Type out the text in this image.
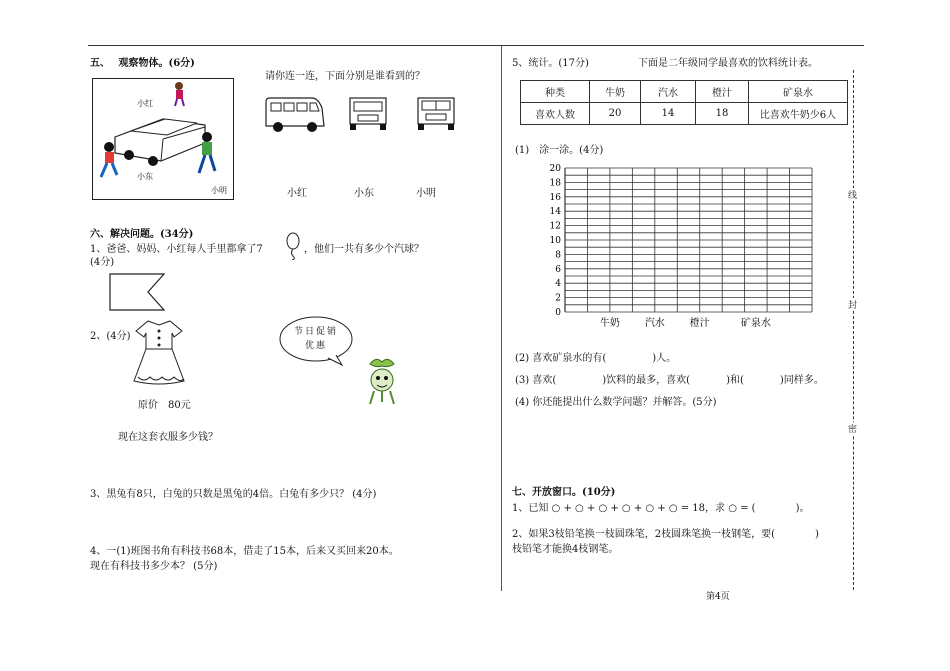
线
封
密
五、　 观察物体。(6分)
小红
小东
小明
请你连一连，下面分别是谁看到的？
小红	小东	小明
六、解决问题。(34分)
1、爸爸、妈妈、小红每人手里都拿了7	，他们一共有多少个汽球？
(4分)
2、(4分)
原价　80元
现在这套衣服多少钱？
节日促销优惠
3、黑兔有8只，白兔的只数是黑兔的4倍。白兔有多少只？ (4分)
4、一(1)班图书角有科技书68本，借走了15本，后来又买回来20本。
现在有科技书多少本？ (5分)
5、统计。(17分)	下面是二年级同学最喜欢的饮料统计表。
种类	牛奶	汽水	橙汁	矿泉水
喜欢人数	20	14	18	比喜欢牛奶少6人
(1)　涂一涂。(4分)
0
2
4
6
8
10
12
14
16
18
20
牛奶 汽水 橙汁	矿泉水
(2) 喜欢矿泉水的有(	)人。
(3) 喜欢(	)饮料的最多，喜欢(	)和(	)同样多。
(4) 你还能提出什么数学问题？并解答。(5分)
七、开放窗口。(10分)
1、已知 ○ + ○ + ○ + ○ + ○ + ○ = 18，求 ○ = (	)。
2、如果3枝铅笔换一枝圆珠笔，2枝圆珠笔换一枝钢笔，要(	)
枝铅笔才能换4枝钢笔。
第4页
